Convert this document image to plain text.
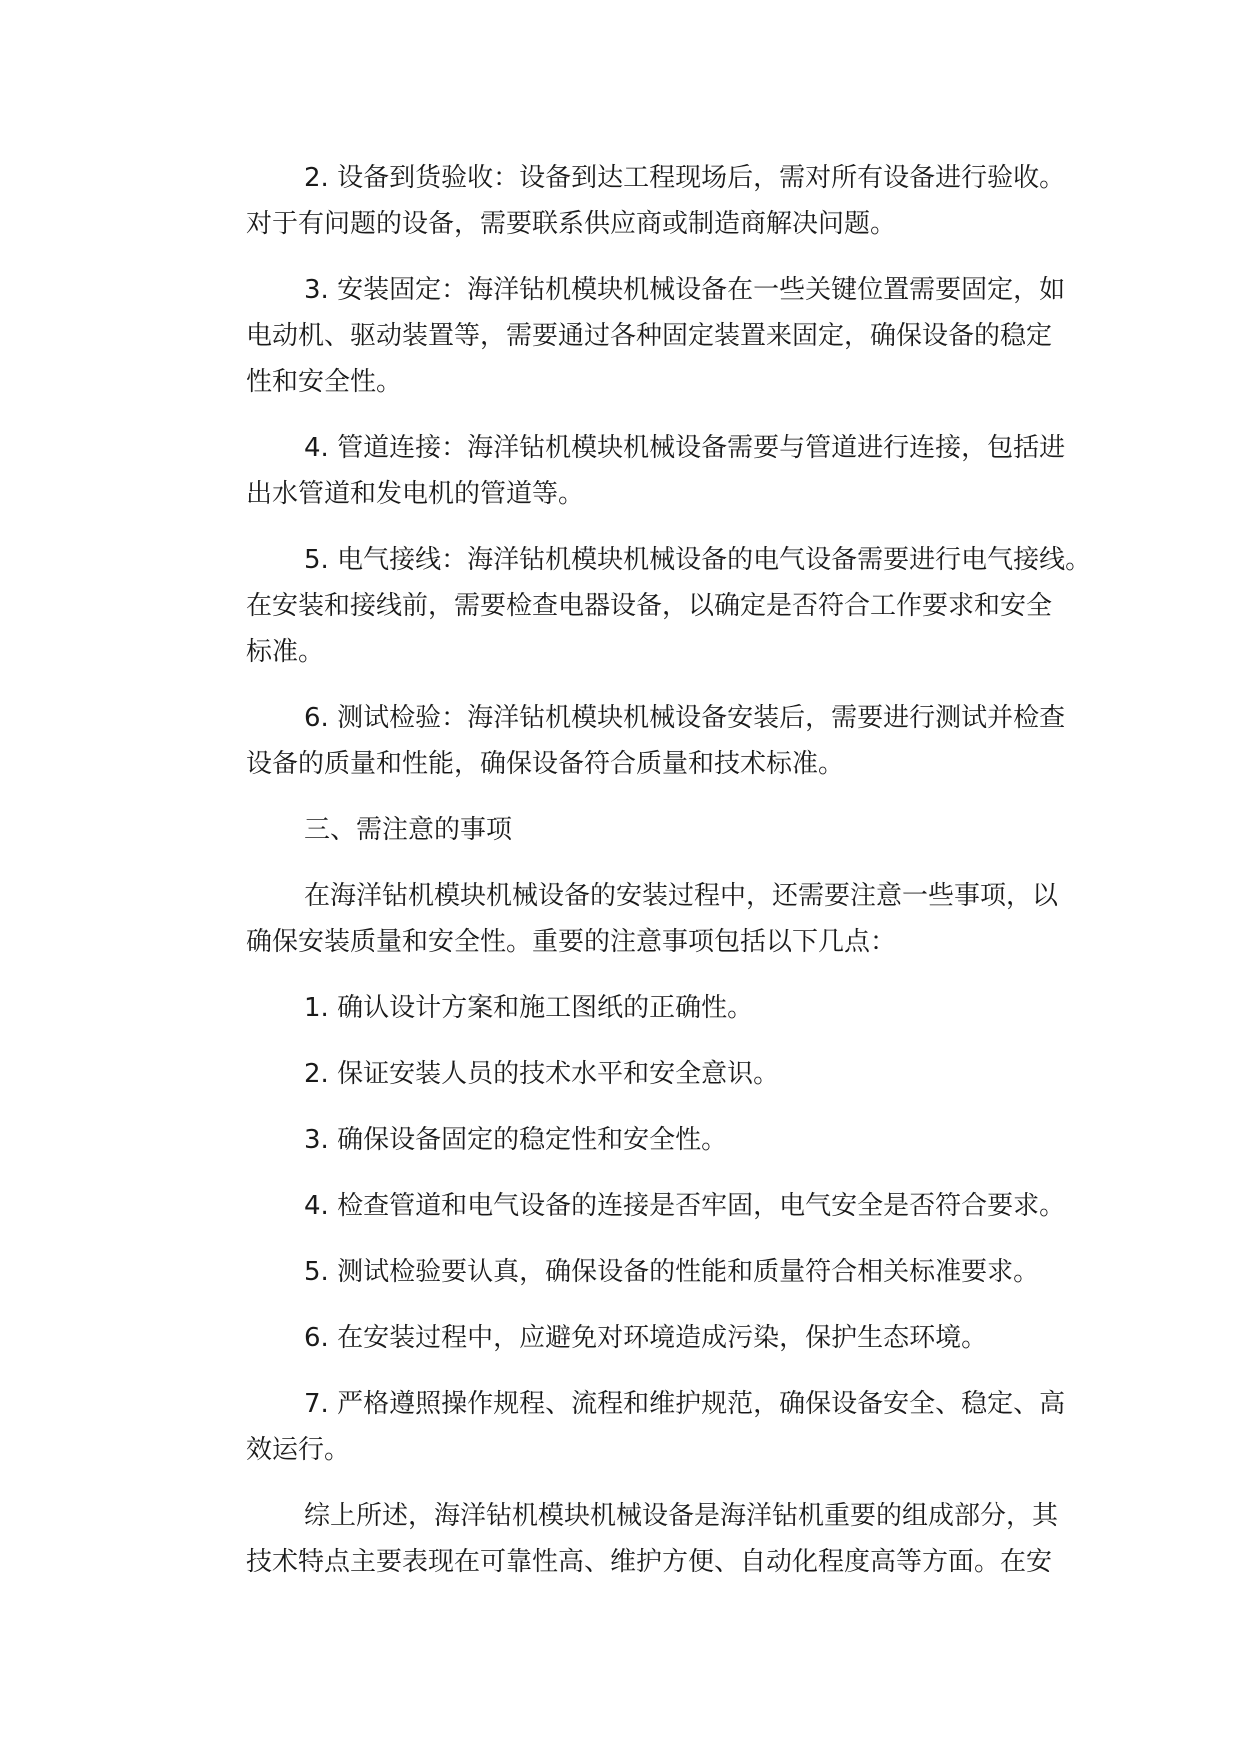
2. 设备到货验收：设备到达工程现场后，需对所有设备进行验收。
对于有问题的设备，需要联系供应商或制造商解决问题。
3. 安装固定：海洋钻机模块机械设备在一些关键位置需要固定，如
电动机、驱动装置等，需要通过各种固定装置来固定，确保设备的稳定
性和安全性。
4. 管道连接：海洋钻机模块机械设备需要与管道进行连接，包括进
出水管道和发电机的管道等。
5. 电气接线：海洋钻机模块机械设备的电气设备需要进行电气接线。
在安装和接线前，需要检查电器设备，以确定是否符合工作要求和安全
标准。
6. 测试检验：海洋钻机模块机械设备安装后，需要进行测试并检查
设备的质量和性能，确保设备符合质量和技术标准。
三、需注意的事项
在海洋钻机模块机械设备的安装过程中，还需要注意一些事项，以
确保安装质量和安全性。重要的注意事项包括以下几点：
1. 确认设计方案和施工图纸的正确性。
2. 保证安装人员的技术水平和安全意识。
3. 确保设备固定的稳定性和安全性。
4. 检查管道和电气设备的连接是否牢固，电气安全是否符合要求。
5. 测试检验要认真，确保设备的性能和质量符合相关标准要求。
6. 在安装过程中，应避免对环境造成污染，保护生态环境。
7. 严格遵照操作规程、流程和维护规范，确保设备安全、稳定、高
效运行。
综上所述，海洋钻机模块机械设备是海洋钻机重要的组成部分，其
技术特点主要表现在可靠性高、维护方便、自动化程度高等方面。在安
